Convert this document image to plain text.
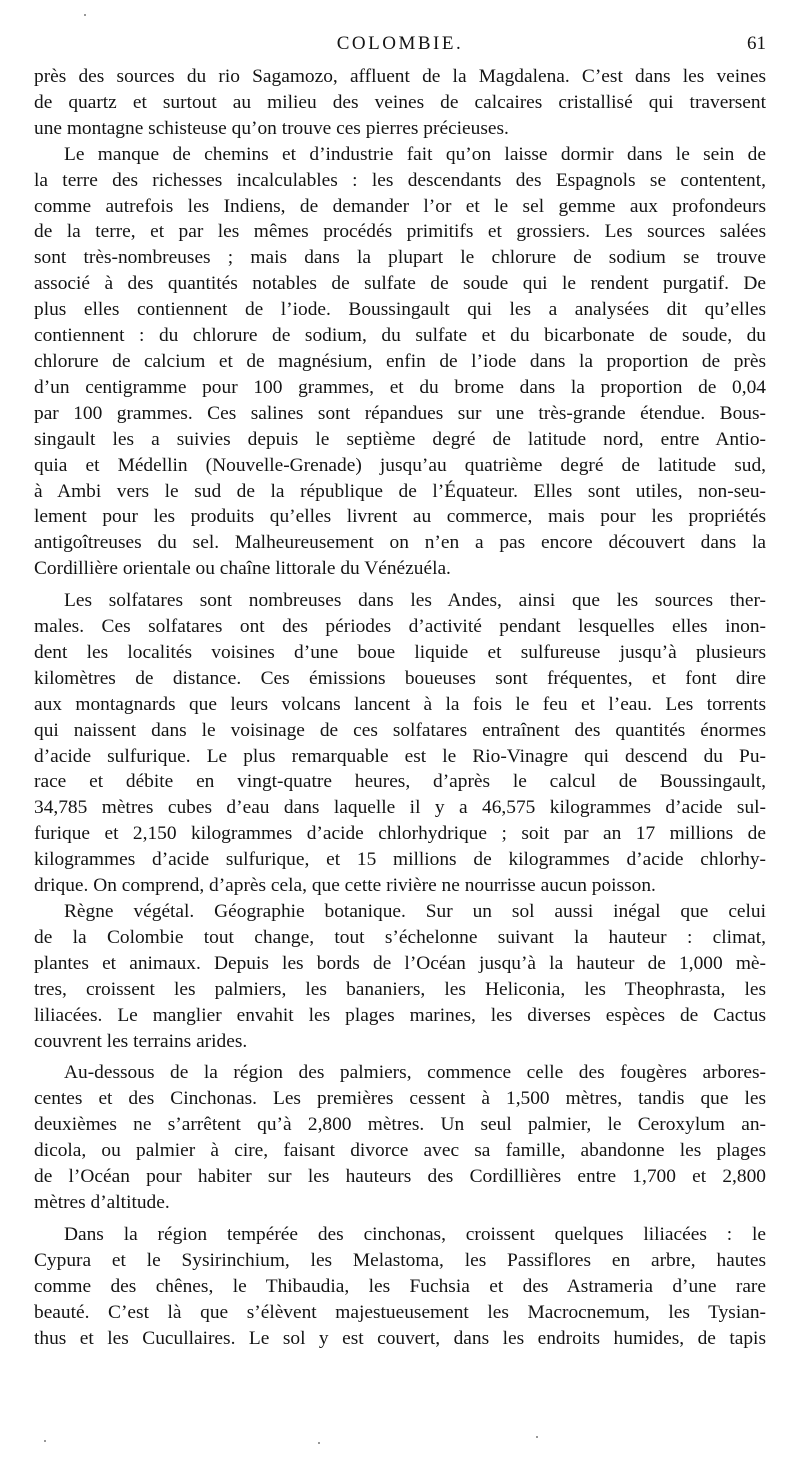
COLOMBIE.	61

près des sources du rio Sagamozo, affluent de la Magdalena. C’est dans les veines
de quartz et surtout au milieu des veines de calcaires cristallisé qui traversent
une montagne schisteuse qu’on trouve ces pierres précieuses.

Le manque de chemins et d’industrie fait qu’on laisse dormir dans le sein de
la terre des richesses incalculables : les descendants des Espagnols se contentent,
comme autrefois les Indiens, de demander l’or et le sel gemme aux profondeurs
de la terre, et par les mêmes procédés primitifs et grossiers. Les sources salées
sont très-nombreuses ; mais dans la plupart le chlorure de sodium se trouve
associé à des quantités notables de sulfate de soude qui le rendent purgatif. De
plus elles contiennent de l’iode. Boussingault qui les a analysées dit qu’elles
contiennent : du chlorure de sodium, du sulfate et du bicarbonate de soude, du
chlorure de calcium et de magnésium, enfin de l’iode dans la proportion de près
d’un centigramme pour 100 grammes, et du brome dans la proportion de 0,04
par 100 grammes. Ces salines sont répandues sur une très-grande étendue. Bous-
singault les a suivies depuis le septième degré de latitude nord, entre Antio-
quia et Médellin (Nouvelle-Grenade) jusqu’au quatrième degré de latitude sud,
à Ambi vers le sud de la république de l’Équateur. Elles sont utiles, non-seu-
lement pour les produits qu’elles livrent au commerce, mais pour les propriétés
antigoîtreuses du sel. Malheureusement on n’en a pas encore découvert dans la
Cordillière orientale ou chaîne littorale du Vénézuéla.

Les solfatares sont nombreuses dans les Andes, ainsi que les sources ther-
males. Ces solfatares ont des périodes d’activité pendant lesquelles elles inon-
dent les localités voisines d’une boue liquide et sulfureuse jusqu’à plusieurs
kilomètres de distance. Ces émissions boueuses sont fréquentes, et font dire
aux montagnards que leurs volcans lancent à la fois le feu et l’eau. Les torrents
qui naissent dans le voisinage de ces solfatares entraînent des quantités énormes
d’acide sulfurique. Le plus remarquable est le Rio-Vinagre qui descend du Pu-
race et débite en vingt-quatre heures, d’après le calcul de Boussingault,
34,785 mètres cubes d’eau dans laquelle il y a 46,575 kilogrammes d’acide sul-
furique et 2,150 kilogrammes d’acide chlorhydrique ; soit par an 17 millions de
kilogrammes d’acide sulfurique, et 15 millions de kilogrammes d’acide chlorhy-
drique. On comprend, d’après cela, que cette rivière ne nourrisse aucun poisson.

Règne végétal. Géographie botanique. Sur un sol aussi inégal que celui
de la Colombie tout change, tout s’échelonne suivant la hauteur : climat,
plantes et animaux. Depuis les bords de l’Océan jusqu’à la hauteur de 1,000 mè-
tres, croissent les palmiers, les bananiers, les Heliconia, les Theophrasta, les
liliacées. Le manglier envahit les plages marines, les diverses espèces de Cactus
couvrent les terrains arides.

Au-dessous de la région des palmiers, commence celle des fougères arbores-
centes et des Cinchonas. Les premières cessent à 1,500 mètres, tandis que les
deuxièmes ne s’arrêtent qu’à 2,800 mètres. Un seul palmier, le Ceroxylum an-
dicola, ou palmier à cire, faisant divorce avec sa famille, abandonne les plages
de l’Océan pour habiter sur les hauteurs des Cordillières entre 1,700 et 2,800
mètres d’altitude.

Dans la région tempérée des cinchonas, croissent quelques liliacées : le
Cypura et le Sysirinchium, les Melastoma, les Passiflores en arbre, hautes
comme des chênes, le Thibaudia, les Fuchsia et des Astrameria d’une rare
beauté. C’est là que s’élèvent majestueusement les Macrocnemum, les Tysian-
thus et les Cucullaires. Le sol y est couvert, dans les endroits humides, de tapis
